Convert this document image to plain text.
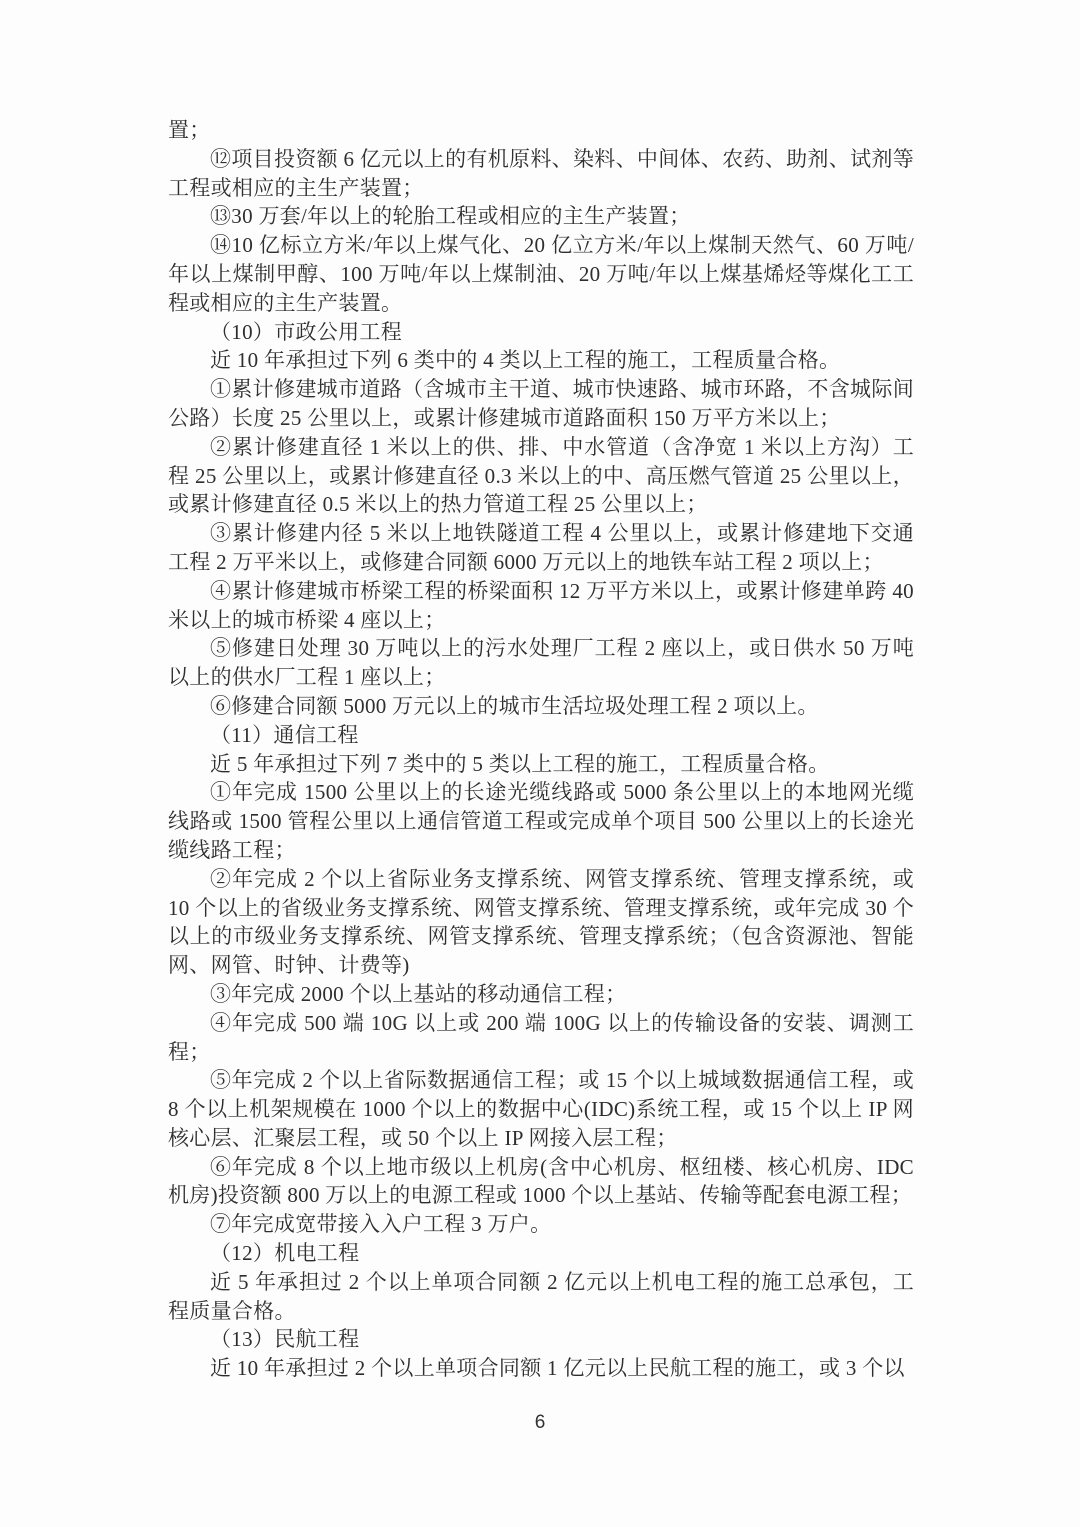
置；

⑫项目投资额 6 亿元以上的有机原料、染料、中间体、农药、助剂、试剂等工程或相应的主生产装置；

⑬30 万套/年以上的轮胎工程或相应的主生产装置；

⑭10 亿标立方米/年以上煤气化、20 亿立方米/年以上煤制天然气、60 万吨/年以上煤制甲醇、100 万吨/年以上煤制油、20 万吨/年以上煤基烯烃等煤化工工程或相应的主生产装置。

（10）市政公用工程

近 10 年承担过下列 6 类中的 4 类以上工程的施工，工程质量合格。

①累计修建城市道路（含城市主干道、城市快速路、城市环路，不含城际间公路）长度 25 公里以上，或累计修建城市道路面积 150 万平方米以上；

②累计修建直径 1 米以上的供、排、中水管道（含净宽 1 米以上方沟）工程 25 公里以上，或累计修建直径 0.3 米以上的中、高压燃气管道 25 公里以上，或累计修建直径 0.5 米以上的热力管道工程 25 公里以上；

③累计修建内径 5 米以上地铁隧道工程 4 公里以上，或累计修建地下交通工程 2 万平米以上，或修建合同额 6000 万元以上的地铁车站工程 2 项以上；

④累计修建城市桥梁工程的桥梁面积 12 万平方米以上，或累计修建单跨 40 米以上的城市桥梁 4 座以上；

⑤修建日处理 30 万吨以上的污水处理厂工程 2 座以上，或日供水 50 万吨以上的供水厂工程 1 座以上；

⑥修建合同额 5000 万元以上的城市生活垃圾处理工程 2 项以上。

（11）通信工程

近 5 年承担过下列 7 类中的 5 类以上工程的施工，工程质量合格。

①年完成 1500 公里以上的长途光缆线路或 5000 条公里以上的本地网光缆线路或 1500 管程公里以上通信管道工程或完成单个项目 500 公里以上的长途光缆线路工程；

②年完成 2 个以上省际业务支撑系统、网管支撑系统、管理支撑系统，或 10 个以上的省级业务支撑系统、网管支撑系统、管理支撑系统，或年完成 30 个以上的市级业务支撑系统、网管支撑系统、管理支撑系统；（包含资源池、智能网、网管、时钟、计费等)

③年完成 2000 个以上基站的移动通信工程；

④年完成 500 端 10G 以上或 200 端 100G 以上的传输设备的安装、调测工程；

⑤年完成 2 个以上省际数据通信工程；或 15 个以上城域数据通信工程，或 8 个以上机架规模在 1000 个以上的数据中心(IDC)系统工程，或 15 个以上 IP 网核心层、汇聚层工程，或 50 个以上 IP 网接入层工程；

⑥年完成 8 个以上地市级以上机房(含中心机房、枢纽楼、核心机房、IDC 机房)投资额 800 万以上的电源工程或 1000 个以上基站、传输等配套电源工程；

⑦年完成宽带接入入户工程 3 万户。

（12）机电工程

近 5 年承担过 2 个以上单项合同额 2 亿元以上机电工程的施工总承包，工程质量合格。

（13）民航工程

近 10 年承担过 2 个以上单项合同额 1 亿元以上民航工程的施工，或 3 个以

6
